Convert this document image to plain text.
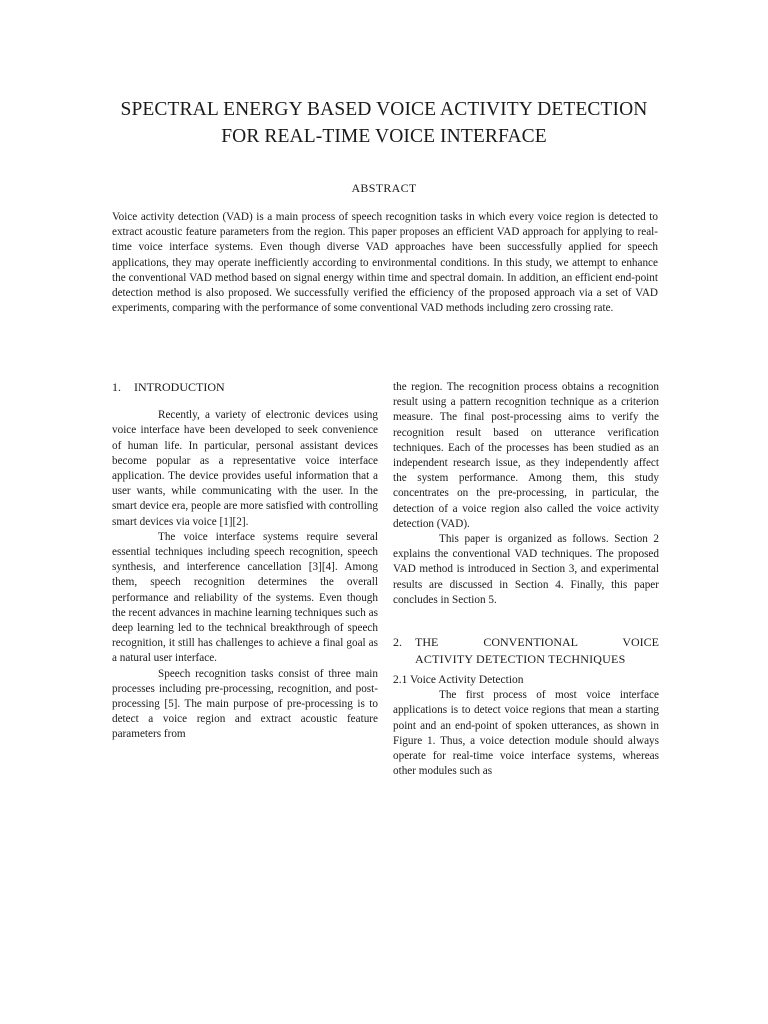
SPECTRAL ENERGY BASED VOICE ACTIVITY DETECTION
FOR REAL-TIME VOICE INTERFACE
ABSTRACT

Voice activity detection (VAD) is a main process of speech recognition tasks in which every voice region is detected to extract acoustic feature parameters from the region. This paper proposes an efficient VAD approach for applying to real-time voice interface systems. Even though diverse VAD approaches have been successfully applied for speech applications, they may operate inefficiently according to environmental conditions. In this study, we attempt to enhance the conventional VAD method based on signal energy within time and spectral domain. In addition, an efficient end-point detection method is also proposed. We successfully verified the efficiency of the proposed approach via a set of VAD experiments, comparing with the performance of some conventional VAD methods including zero crossing rate.

1. INTRODUCTION

Recently, a variety of electronic devices using voice interface have been developed to seek convenience of human life. In particular, personal assistant devices become popular as a representative voice interface application. The device provides useful information that a user wants, while communicating with the user. In the smart device era, people are more satisfied with controlling smart devices via voice [1][2].

The voice interface systems require several essential techniques including speech recognition, speech synthesis, and interference cancellation [3][4]. Among them, speech recognition determines the overall performance and reliability of the systems. Even though the recent advances in machine learning techniques such as deep learning led to the technical breakthrough of speech recognition, it still has challenges to achieve a final goal as a natural user interface.

Speech recognition tasks consist of three main processes including pre-processing, recognition, and post-processing [5]. The main purpose of pre-processing is to detect a voice region and extract acoustic feature parameters from

the region. The recognition process obtains a recognition result using a pattern recognition technique as a criterion measure. The final post-processing aims to verify the recognition result based on utterance verification techniques. Each of the processes has been studied as an independent research issue, as they independently affect the system performance. Among them, this study concentrates on the pre-processing, in particular, the detection of a voice region also called the voice activity detection (VAD).

This paper is organized as follows. Section 2 explains the conventional VAD techniques. The proposed VAD method is introduced in Section 3, and experimental results are discussed in Section 4. Finally, this paper concludes in Section 5.

2.	THE CONVENTIONAL VOICE
ACTIVITY DETECTION TECHNIQUES
2.1 Voice Activity Detection

The first process of most voice interface applications is to detect voice regions that mean a starting point and an end-point of spoken utterances, as shown in Figure 1. Thus, a voice detection module should always operate for real-time voice interface systems, whereas other modules such as
